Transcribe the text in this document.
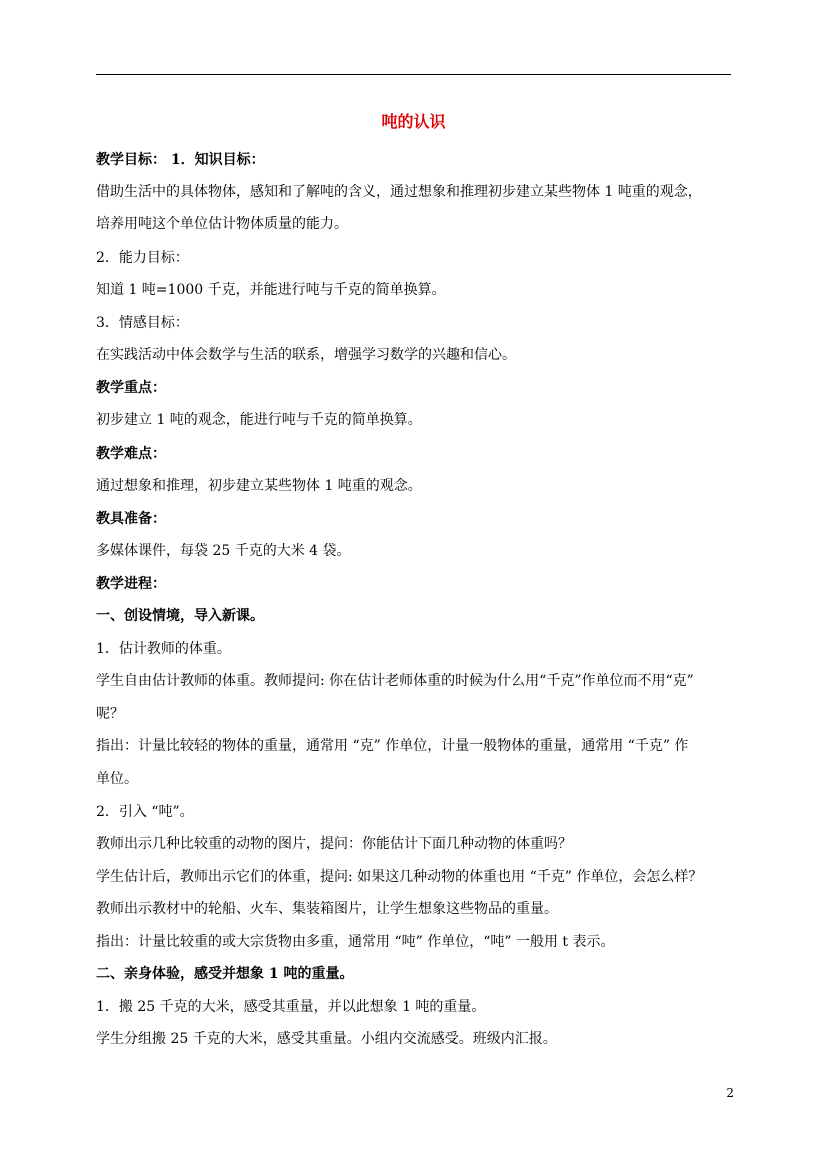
吨的认识
教学目标： 1．知识目标：
借助生活中的具体物体，感知和了解吨的含义，通过想象和推理初步建立某些物体 1 吨重的观念，
培养用吨这个单位估计物体质量的能力。
2．能力目标：
知道 1 吨=1000 千克，并能进行吨与千克的简单换算。
3．情感目标：
在实践活动中体会数学与生活的联系，增强学习数学的兴趣和信心。
教学重点：
初步建立 1 吨的观念，能进行吨与千克的简单换算。
教学难点：
通过想象和推理，初步建立某些物体 1 吨重的观念。
教具准备：
多媒体课件，每袋 25 千克的大米 4 袋。
教学进程：
一、创设情境，导入新课。
1．估计教师的体重。
学生自由估计教师的体重。教师提问: 你在估计老师体重的时候为什么用“千克”作单位而不用“克”
呢？
指出：计量比较轻的物体的重量，通常用 “克” 作单位，计量一般物体的重量，通常用 “千克” 作
单位。
2．引入 “吨”。
教师出示几种比较重的动物的图片，提问：你能估计下面几种动物的体重吗？
学生估计后，教师出示它们的体重，提问: 如果这几种动物的体重也用 “千克” 作单位，会怎么样？
教师出示教材中的轮船、火车、集装箱图片，让学生想象这些物品的重量。
指出：计量比较重的或大宗货物由多重，通常用 “吨” 作单位，“吨” 一般用 t 表示。
二、亲身体验，感受并想象 1 吨的重量。
1．搬 25 千克的大米，感受其重量，并以此想象 1 吨的重量。
学生分组搬 25 千克的大米，感受其重量。小组内交流感受。班级内汇报。
2
